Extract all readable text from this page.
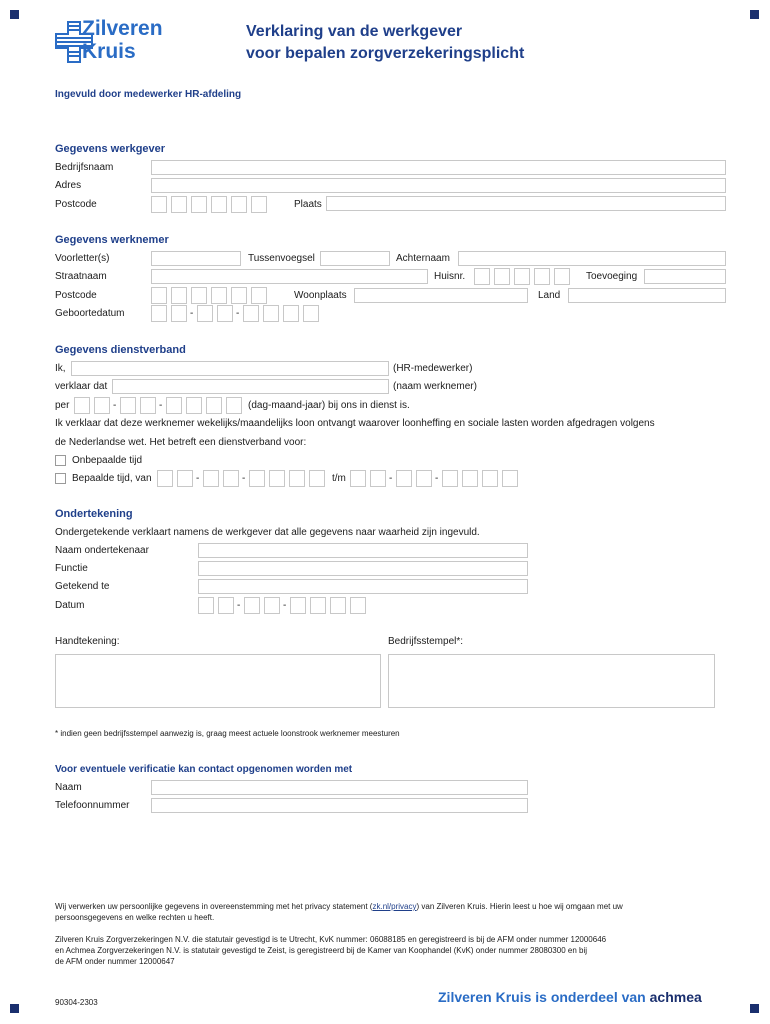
Zilveren
Kruis
Verklaring van de werkgever
voor bepalen zorgverzekeringsplicht
Ingevuld door medewerker HR-afdeling
Gegevens werkgever
Bedrijfsnaam
Adres
Postcode	Plaats
Gegevens werknemer
Voorletter(s)	Tussenvoegsel	Achternaam
Straatnaam	Huisnr.	Toevoeging
Postcode	Woonplaats	Land
Geboortedatum	-	-
Gegevens dienstverband
Ik,	(HR-medewerker)
verklaar dat	(naam werknemer)
per	-	-	(dag-maand-jaar) bij ons in dienst is.
Ik verklaar dat deze werknemer wekelijks/maandelijks loon ontvangt waarover loonheffing en sociale lasten worden afgedragen volgens
de Nederlandse wet. Het betreft een dienstverband voor:
Onbepaalde tijd
Bepaalde tijd, van	-	-	t/m	-	-
Ondertekening
Ondergetekende verklaart namens de werkgever dat alle gegevens naar waarheid zijn ingevuld.
Naam ondertekenaar
Functie
Getekend te
Datum	-	-
Handtekening:	Bedrijfsstempel*:
* indien geen bedrijfsstempel aanwezig is, graag meest actuele loonstrook werknemer meesturen
Voor eventuele verificatie kan contact opgenomen worden met
Naam
Telefoonnummer
Wij verwerken uw persoonlijke gegevens in overeenstemming met het privacy statement (zk.nl/privacy) van Zilveren Kruis. Hierin leest u hoe wij omgaan met uw
persoonsgegevens en welke rechten u heeft.
Zilveren Kruis Zorgverzekeringen N.V. die statutair gevestigd is te Utrecht, KvK nummer: 06088185 en geregistreerd is bij de AFM onder nummer 12000646
en Achmea Zorgverzekeringen N.V. is statutair gevestigd te Zeist, is geregistreerd bij de Kamer van Koophandel (KvK) onder nummer 28080300 en bij
de AFM onder nummer 12000647
90304-2303	Zilveren Kruis is onderdeel van achmea
